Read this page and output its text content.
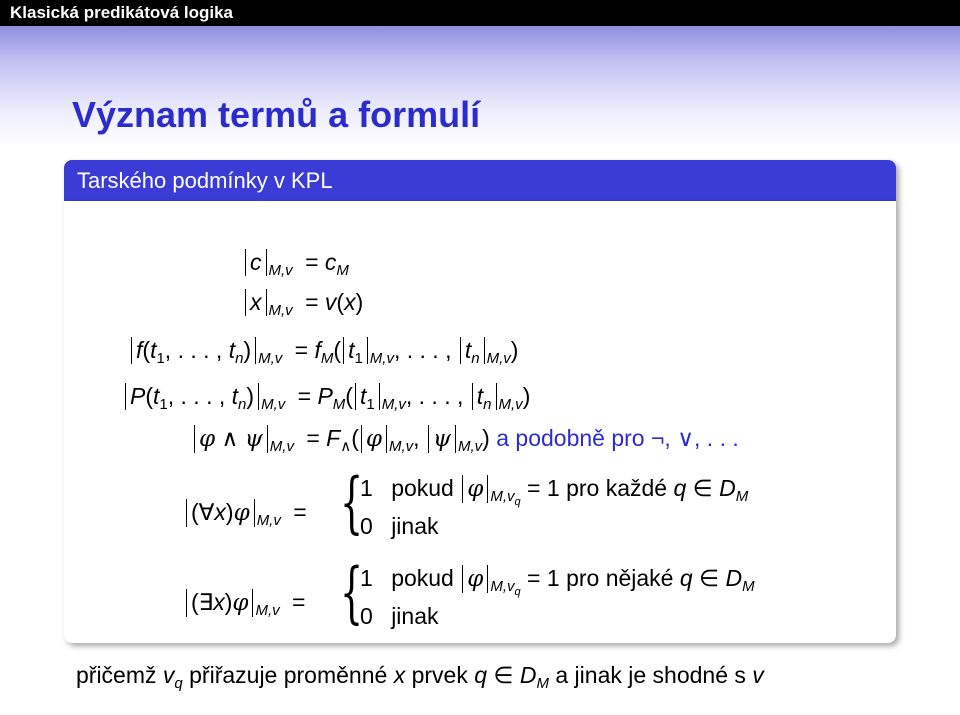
Klasická predikátová logika
Význam termů a formulí
Tarského podmínky v KPL
c $_{M,v} = c_M$
x $_{M,v}$ = v(x)
$f(t_1$, . . . , $t_n$) $_{M,v} = f_M$( $t_1$ $_{M,v}$, . . . , $t_n$ $_{M,v}$)
$P(t_1$, . . . , $t_n$) $_{M,v} = P_M$( $t_1$ $_{M,v}$, . . . , $t_n$ $_{M,v}$)
φ ∧ ψ $_{M,v} = F_\wedge$( φ $_{M,v}$, ψ $_{M,v}$) a podobně pro ¬, ∨, . . .
(∀x)φ $_{M,v}$ = {
1 pokud φ $_{M,v_q}$ = 1 pro každé q ∈ $D_M$
0 jinak
(∃x)φ $_{M,v}$ = {
1 pokud φ $_{M,v_q}$ = 1 pro nějaké q ∈ $D_M$
0 jinak
přičemž $v_q$ přiřazuje proměnné x prvek q ∈ $D_M$ a jinak je shodné s v
